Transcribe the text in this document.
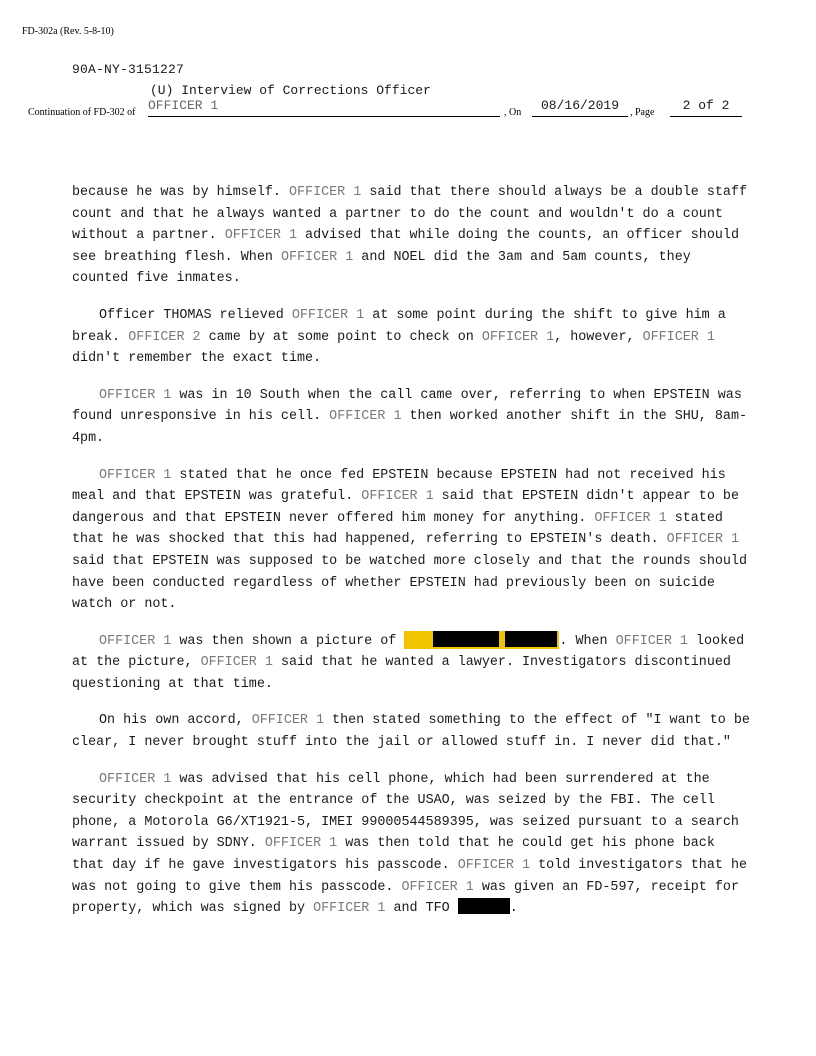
FD-302a (Rev. 5-8-10)
90A-NY-3151227
(U) Interview of Corrections Officer
Continuation of FD-302 of OFFICER 1	, On	08/16/2019	, Page	2 of 2

because he was by himself. OFFICER 1 said that there should always be a double staff count and that he always wanted a partner to do the count and wouldn't do a count without a partner. OFFICER 1 advised that while doing the counts, an officer should see breathing flesh. When OFFICER 1 and NOEL did the 3am and 5am counts, they counted five inmates.

Officer THOMAS relieved OFFICER 1 at some point during the shift to give him a break. OFFICER 2 came by at some point to check on OFFICER 1, however, OFFICER 1 didn't remember the exact time.

OFFICER 1 was in 10 South when the call came over, referring to when EPSTEIN was found unresponsive in his cell. OFFICER 1 then worked another shift in the SHU, 8am-4pm.

OFFICER 1 stated that he once fed EPSTEIN because EPSTEIN had not received his meal and that EPSTEIN was grateful. OFFICER 1 said that EPSTEIN didn't appear to be dangerous and that EPSTEIN never offered him money for anything. OFFICER 1 stated that he was shocked that this had happened, referring to EPSTEIN's death. OFFICER 1 said that EPSTEIN was supposed to be watched more closely and that the rounds should have been conducted regardless of whether EPSTEIN had previously been on suicide watch or not.

OFFICER 1 was then shown a picture of	. When OFFICER 1 looked at the picture, OFFICER 1 said that he wanted a lawyer. Investigators discontinued questioning at that time.

On his own accord, OFFICER 1 then stated something to the effect of "I want to be clear, I never brought stuff into the jail or allowed stuff in. I never did that."

OFFICER 1 was advised that his cell phone, which had been surrendered at the security checkpoint at the entrance of the USAO, was seized by the FBI. The cell phone, a Motorola G6/XT1921-5, IMEI 99000544589395, was seized pursuant to a search warrant issued by SDNY. OFFICER 1 was then told that he could get his phone back that day if he gave investigators his passcode. OFFICER 1 told investigators that he was not going to give them his passcode. OFFICER 1 was given an FD-597, receipt for property, which was signed by OFFICER 1 and TFO	.
